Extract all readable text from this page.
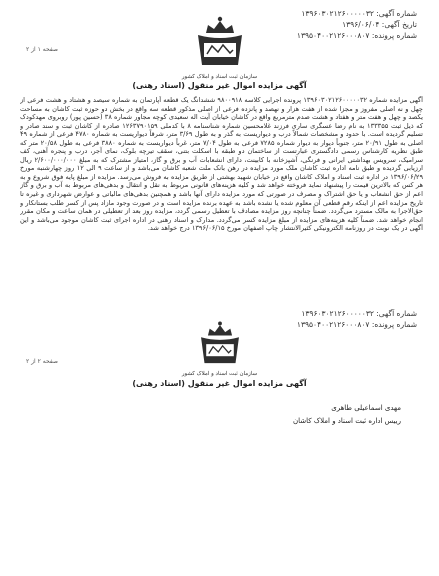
شماره آگهی: ۱۳۹۶۰۳۰۲۱۲۶۰۰۰۰۰۳۲
تاریخ آگهی: ۱۳۹۶/۰۶/۰۴
شماره پرونده: ۱۳۹۵۰۴۰۰۲۱۲۶۰۰۰۸۰۷
صفحه ۱ از ۲
سازمان ثبت اسناد و املاک کشور
آگهی مزایده اموال غیر منقول (اسناد رهنی)
آگهی مزایده شماره ۱۳۹۶۰۳۰۲۱۲۶۰۰۰۰۰۳۲ پرونده اجرایی کلاسه ۹۸۰۰۹۱۸ ششدانگ یک قطعه آپارتمان به شماره سیصد و هشتاد و هشت فرعی از چهل و نه اصلی مفروز و مجزا شده از هفت هزار و نهصد و پانزده فرعی از اصلی مذکور قطعه سه واقع در بخش دو حوزه ثبت کاشان به مساحت یکصد و چهل و هفت متر و هفتاد و هشت صدم مترمربع واقع در کاشان خیابان آیت اله سعیدی کوچه مجاور شماره ۳۸ (حسین پور) روبروی مهدکودک که ذیل ثبت ۱۳۳۳۵۵ به نام رضا عسگری ساری فرزند غلامحسین شماره شناسنامه ۸ با کدملی ۱۲۶۳۷۹۰۱۵۹ صادره از کاشان ثبت و سند صادر و تسلیم گردیده است. با حدود و مشخصات شمالاً درب و دیواریست به گذر و به طول ۳/۶۹ متر، شرقاً دیواریست به شماره ۴۷۸۰ فرعی از شماره ۴۹ اصلی به طول ۲۰/۹۱ متر، جنوباً دیوار به دیوار شماره ۷۲۸۵ فرعی به طول ۷/۰۴ متر، غرباً دیواریست به شماره ۳۸۸۰ فرعی به طول ۲۰/۵۸ متر که طبق نظریه کارشناس رسمی دادگستری عبارتست از ساختمان دو طبقه با اسکلت بتنی، سقف تیرچه بلوک، نمای آجر، درب و پنجره آهنی، کف سرامیک، سرویس بهداشتی ایرانی و فرنگی، آشپزخانه با کابینت، دارای انشعابات آب و برق و گاز، امتیاز مشترک که به مبلغ ۲/۶۰۰/۰۰۰/۰۰۰ ریال ارزیابی گردیده و طبق نامه اداره ثبت کاشان ملک مورد مزایده در رهن بانک ملت شعبه کاشان می‌باشد و از ساعت ۹ الی ۱۲ روز چهارشنبه مورخ ۱۳۹۶/۰۶/۲۹ در اداره ثبت اسناد و املاک کاشان واقع در خیابان شهید بهشتی از طریق مزایده به فروش می‌رسد. مزایده از مبلغ پایه فوق شروع و به هر کس که بالاترین قیمت را پیشنهاد نماید فروخته خواهد شد و کلیه هزینه‌های قانونی مربوط به نقل و انتقال و بدهی‌های مربوط به آب و برق و گاز اعم از حق انشعاب و یا حق اشتراک و مصرف در صورتی که مورد مزایده دارای آنها باشد و همچنین بدهی‌های مالیاتی و عوارض شهرداری و غیره تا تاریخ مزایده اعم از اینکه رقم قطعی آن معلوم شده یا نشده باشد به عهده برنده مزایده است و در صورت وجود مازاد پس از کسر طلب بستانکار و حق‌الاجرا به مالک مسترد می‌گردد. ضمناً چنانچه روز مزایده مصادف با تعطیل رسمی گردد، مزایده روز بعد از تعطیلی در همان ساعت و مکان مقرر انجام خواهد شد. ضمناً کلیه هزینه‌های مزایده از مبلغ مزایده کسر می‌گردد. مدارک و اسناد رهنی در اداره اجرای ثبت کاشان موجود می‌باشد و این آگهی در یک نوبت در روزنامه الکترونیکی کثیرالانتشار چاپ اصفهان مورخ ۱۳۹۶/۰۶/۱۵ درج خواهد شد.
شماره آگهی: ۱۳۹۶۰۳۰۲۱۲۶۰۰۰۰۰۳۲
شماره پرونده: ۱۳۹۵۰۴۰۰۲۱۲۶۰۰۰۸۰۷
صفحه ۲ از ۲
سازمان ثبت اسناد و املاک کشور
آگهی مزایده اموال غیر منقول (اسناد رهنی)
مهدی اسماعیلی طاهری
رییس اداره ثبت اسناد و املاک کاشان
